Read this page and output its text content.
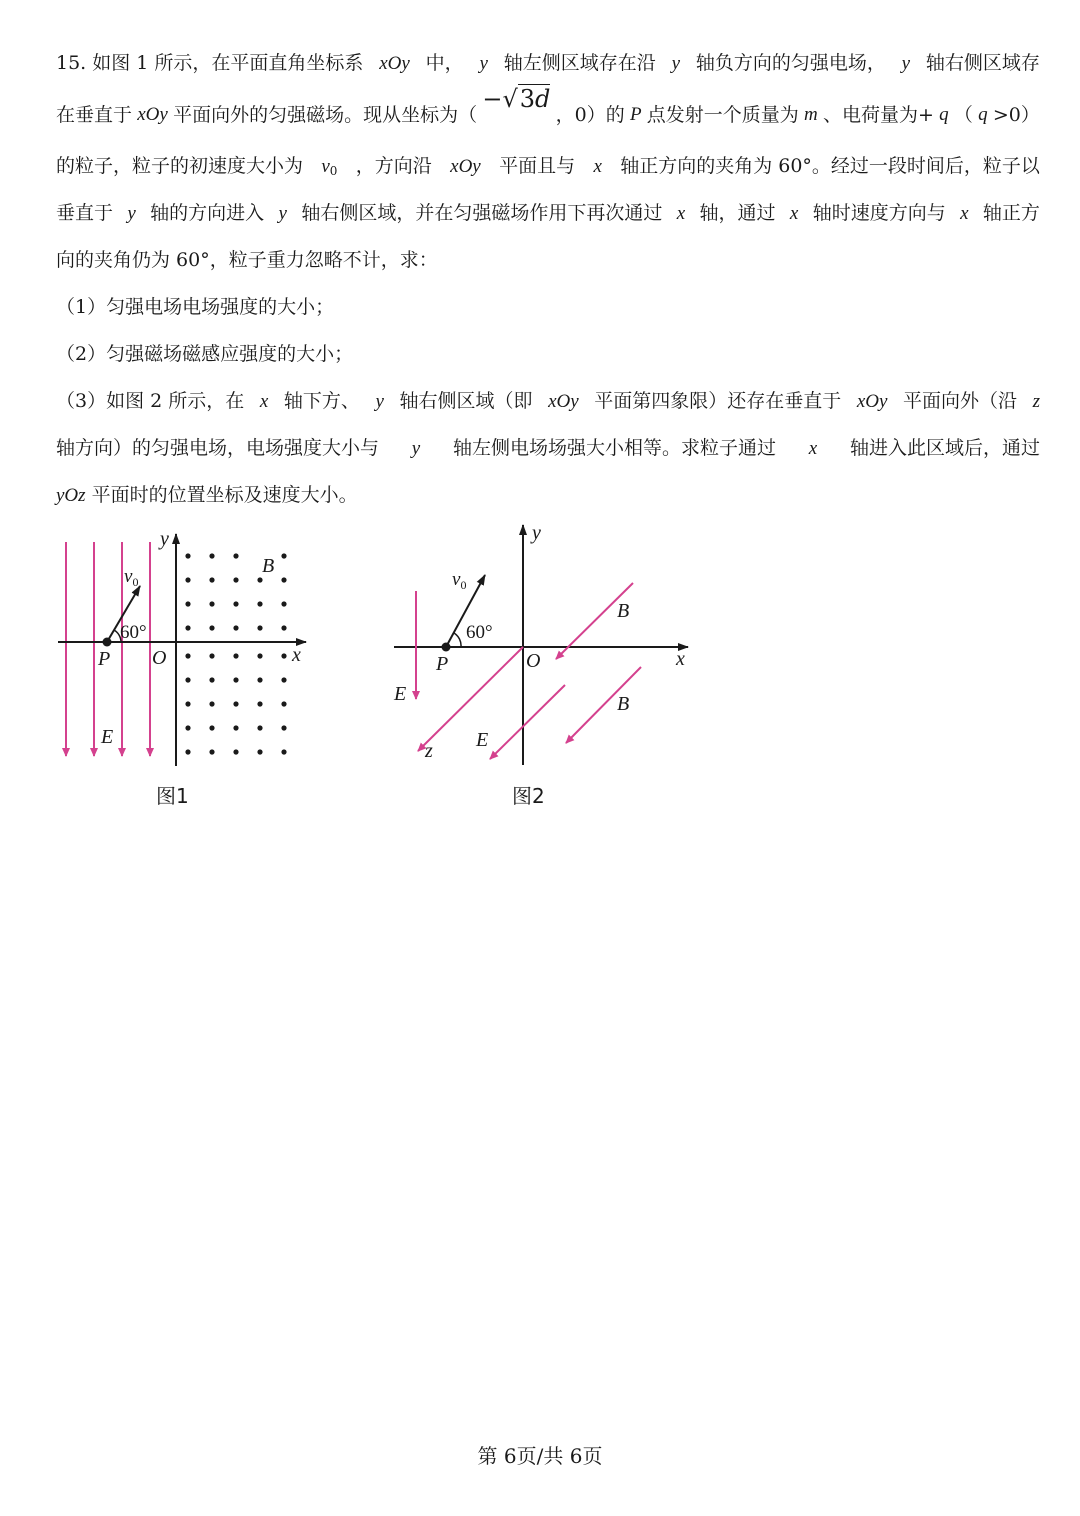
15. 如图 1 所示，在平面直角坐标系 xOy 中， y 轴左侧区域存在沿 y 轴负方向的匀强电场， y 轴右侧区域存
在垂直于 xOy 平面向外的匀强磁场。现从坐标为（
−√3d
，0）的 P 点发射一个质量为 m 、电荷量为+ q （ q >0）
的粒子，粒子的初速度大小为 $v_0$ ，方向沿 xOy 平面且与 x 轴正方向的夹角为 60°。经过一段时间后，粒子以
垂直于 y 轴的方向进入 y 轴右侧区域，并在匀强磁场作用下再次通过 x 轴，通过 x 轴时速度方向与 x 轴正方
向的夹角仍为 60°，粒子重力忽略不计，求：
（1）匀强电场电场强度的大小；
（2）匀强磁场磁感应强度的大小；
（3）如图 2 所示，在 x 轴下方、 y 轴右侧区域（即 xOy 平面第四象限）还存在垂直于 xOy 平面向外（沿 z
轴方向）的匀强电场，电场强度大小与 y 轴左侧电场场强大小相等。求粒子通过 x 轴进入此区域后，通过
yOz 平面时的位置坐标及速度大小。
y
x
O
P
B
E
$v_0$
60°
图1
y
x
z
O
P
B
B
E
E
$v_0$
60°
图2
第 6页/共 6页
